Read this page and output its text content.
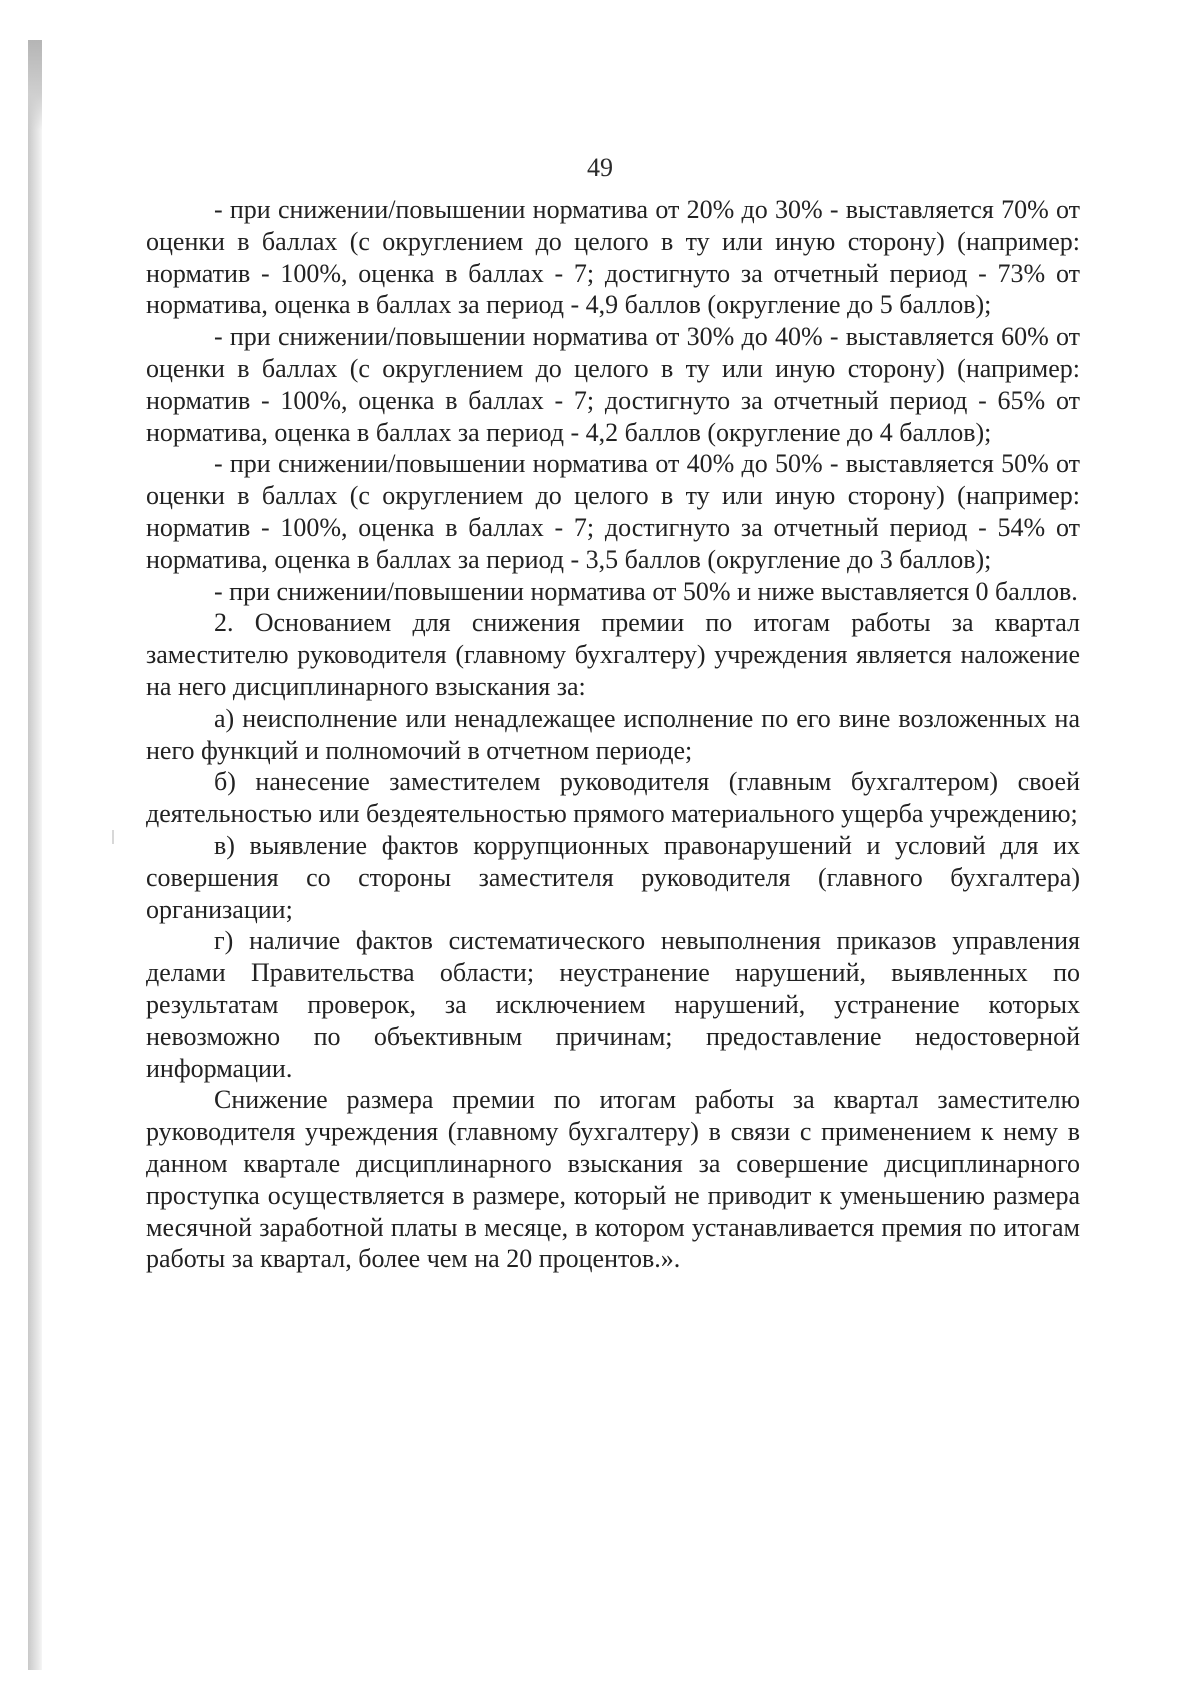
49

- при снижении/повышении норматива от 20% до 30% - выставляется 70% от оценки в баллах (с округлением до целого в ту или иную сторону) (например: норматив - 100%, оценка в баллах - 7; достигнуто за отчетный период - 73% от норматива, оценка в баллах за период - 4,9 баллов (округление до 5 баллов);

- при снижении/повышении норматива от 30% до 40% - выставляется 60% от оценки в баллах (с округлением до целого в ту или иную сторону) (например: норматив - 100%, оценка в баллах - 7; достигнуто за отчетный период - 65% от норматива, оценка в баллах за период - 4,2 баллов (округление до 4 баллов);

- при снижении/повышении норматива от 40% до 50% - выставляется 50% от оценки в баллах (с округлением до целого в ту или иную сторону) (например: норматив - 100%, оценка в баллах - 7; достигнуто за отчетный период - 54% от норматива, оценка в баллах за период - 3,5 баллов (округление до 3 баллов);

- при снижении/повышении норматива от 50% и ниже выставляется 0 баллов.

2. Основанием для снижения премии по итогам работы за квартал заместителю руководителя (главному бухгалтеру) учреждения является наложение на него дисциплинарного взыскания за:

а) неисполнение или ненадлежащее исполнение по его вине возложенных на него функций и полномочий в отчетном периоде;

б) нанесение заместителем руководителя (главным бухгалтером) своей деятельностью или бездеятельностью прямого материального ущерба учреждению;

в) выявление фактов коррупционных правонарушений и условий для их совершения со стороны заместителя руководителя (главного бухгалтера) организации;

г) наличие фактов систематического невыполнения приказов управления делами Правительства области; неустранение нарушений, выявленных по результатам проверок, за исключением нарушений, устранение которых невозможно по объективным причинам; предоставление недостоверной информации.

Снижение размера премии по итогам работы за квартал заместителю руководителя учреждения (главному бухгалтеру) в связи с применением к нему в данном квартале дисциплинарного взыскания за совершение дисциплинарного проступка осуществляется в размере, который не приводит к уменьшению размера месячной заработной платы в месяце, в котором устанавливается премия по итогам работы за квартал, более чем на 20 процентов.».
